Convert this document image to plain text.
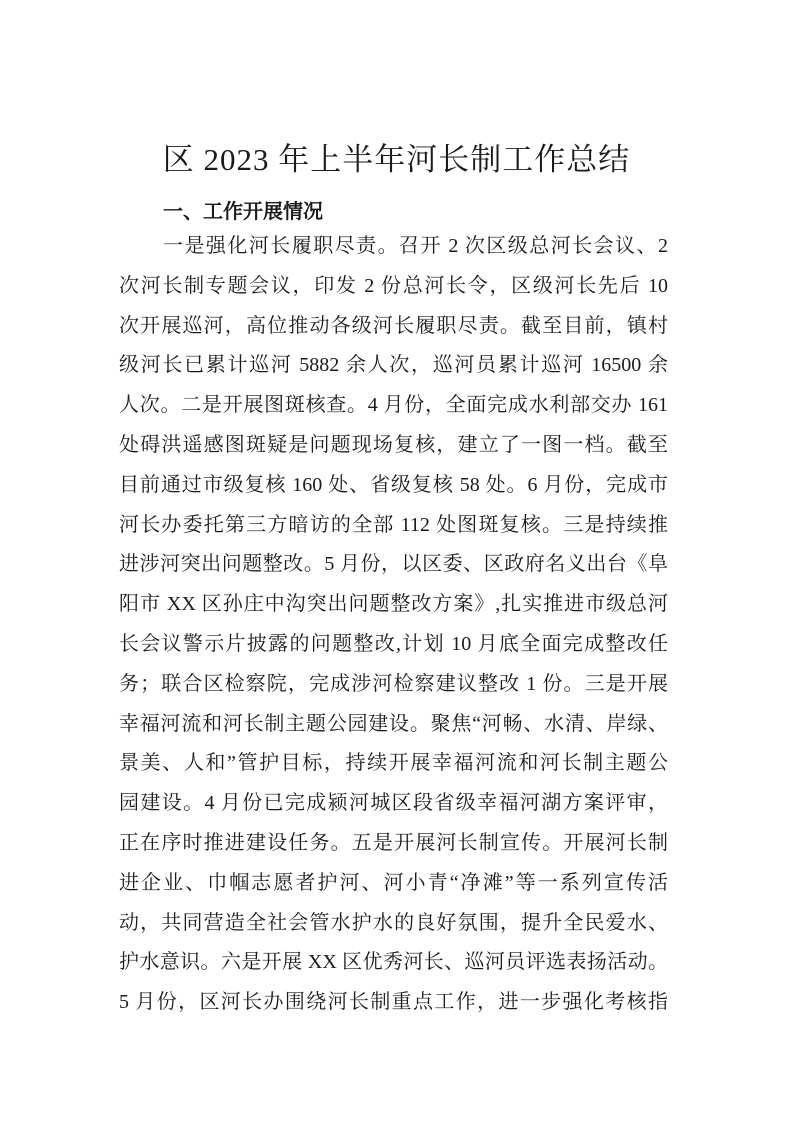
区 2023 年上半年河长制工作总结
一、工作开展情况
一是强化河长履职尽责。召开 2 次区级总河长会议、2
次河长制专题会议，印发 2 份总河长令，区级河长先后 10
次开展巡河，高位推动各级河长履职尽责。截至目前，镇村
级河长已累计巡河 5882 余人次，巡河员累计巡河 16500 余
人次。二是开展图斑核查。4 月份，全面完成水利部交办 161
处碍洪遥感图斑疑是问题现场复核，建立了一图一档。截至
目前通过市级复核 160 处、省级复核 58 处。6 月份，完成市
河长办委托第三方暗访的全部 112 处图斑复核。三是持续推
进涉河突出问题整改。5 月份，以区委、区政府名义出台《阜
阳市 XX 区孙庄中沟突出问题整改方案》,扎实推进市级总河
长会议警示片披露的问题整改,计划 10 月底全面完成整改任
务；联合区检察院，完成涉河检察建议整改 1 份。三是开展
幸福河流和河长制主题公园建设。聚焦“河畅、水清、岸绿、
景美、人和”管护目标，持续开展幸福河流和河长制主题公
园建设。4 月份已完成颍河城区段省级幸福河湖方案评审，
正在序时推进建设任务。五是开展河长制宣传。开展河长制
进企业、巾帼志愿者护河、河小青“净滩”等一系列宣传活
动，共同营造全社会管水护水的良好氛围，提升全民爱水、
护水意识。六是开展 XX 区优秀河长、巡河员评选表扬活动。
5 月份，区河长办围绕河长制重点工作，进一步强化考核指
